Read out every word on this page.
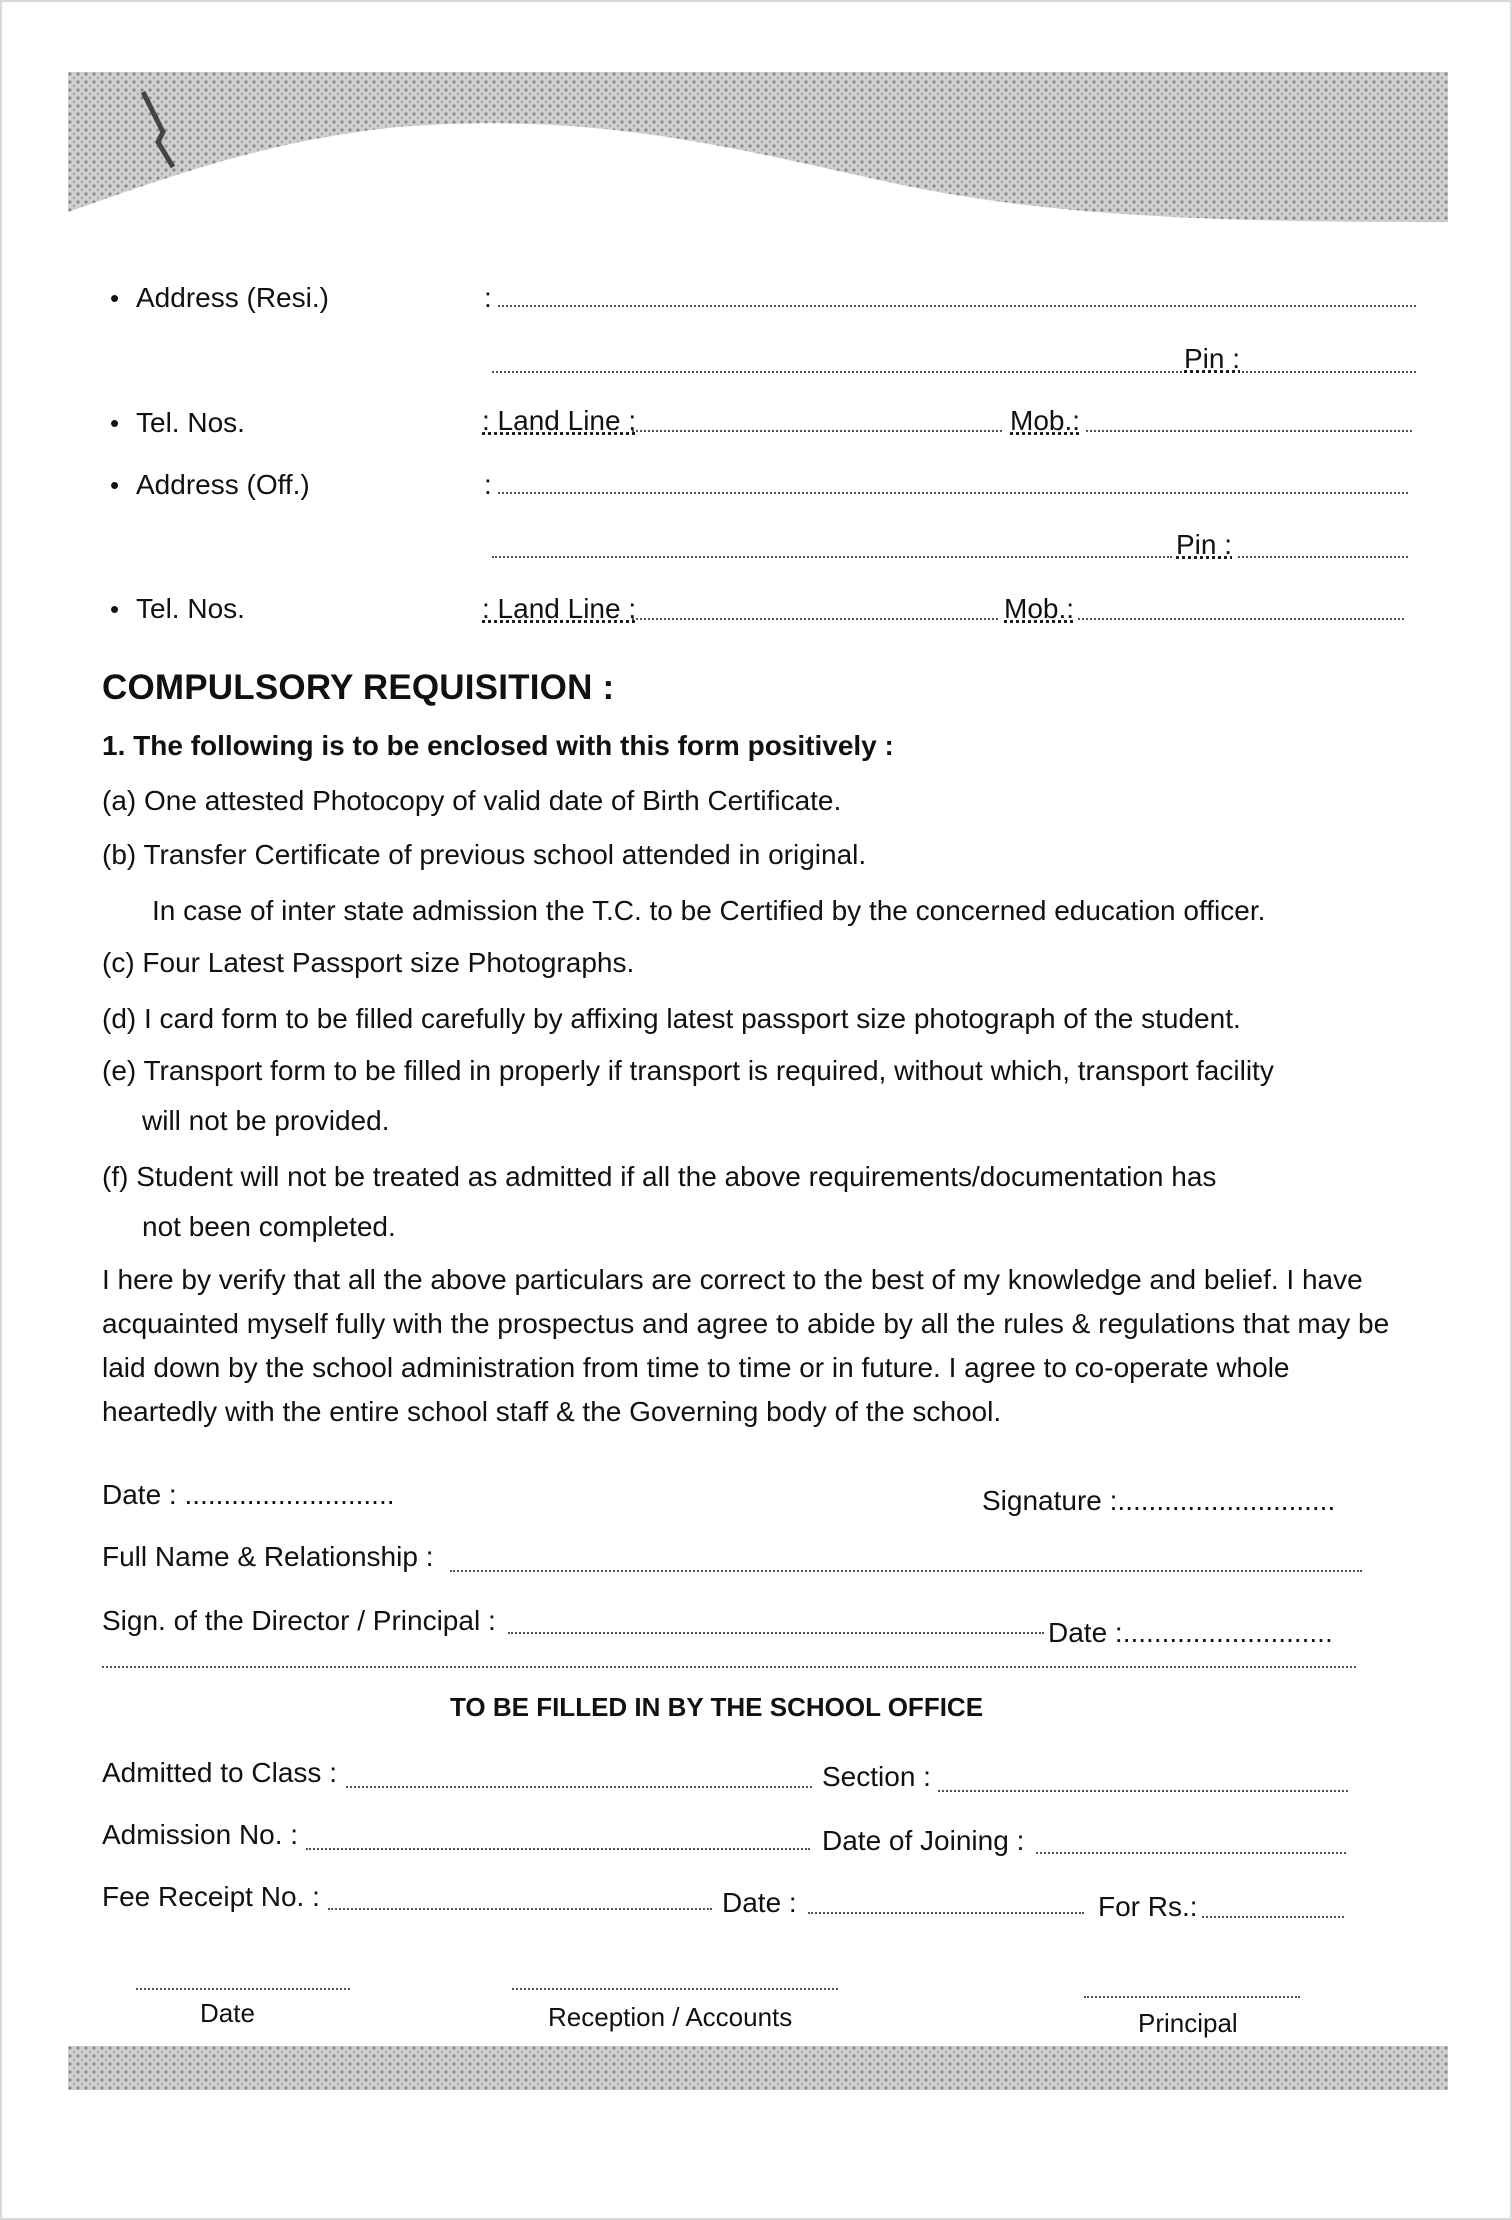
• Address (Resi.)	:
Pin :
• Tel. Nos.	: Land Line :	Mob.:
• Address (Off.)	:
Pin :
• Tel. Nos.	: Land Line :	Mob.:
COMPULSORY REQUISITION :
1. The following is to be enclosed with this form positively :
(a) One attested Photocopy of valid date of Birth Certificate.
(b) Transfer Certificate of previous school attended in original.
In case of inter state admission the T.C. to be Certified by the concerned education officer.
(c) Four Latest Passport size Photographs.
(d) I card form to be filled carefully by affixing latest passport size photograph of the student.
(e) Transport form to be filled in properly if transport is required, without which, transport facility
will not be provided.
(f) Student will not be treated as admitted if all the above requirements/documentation has
not been completed.
I here by verify that all the above particulars are correct to the best of my knowledge and belief. I have acquainted myself fully with the prospectus and agree to abide by all the rules & regulations that may be laid down by the school administration from time to time or in future. I agree to co-operate whole heartedly with the entire school staff & the Governing body of the school.
Date : ...........................	Signature :............................
Full Name & Relationship :
Sign. of the Director / Principal :	Date :...........................
TO BE FILLED IN BY THE SCHOOL OFFICE
Admitted to Class :	Section :
Admission No. :	Date of Joining :
Fee Receipt No. :	Date :	For Rs.:
Date	Reception / Accounts	Principal
